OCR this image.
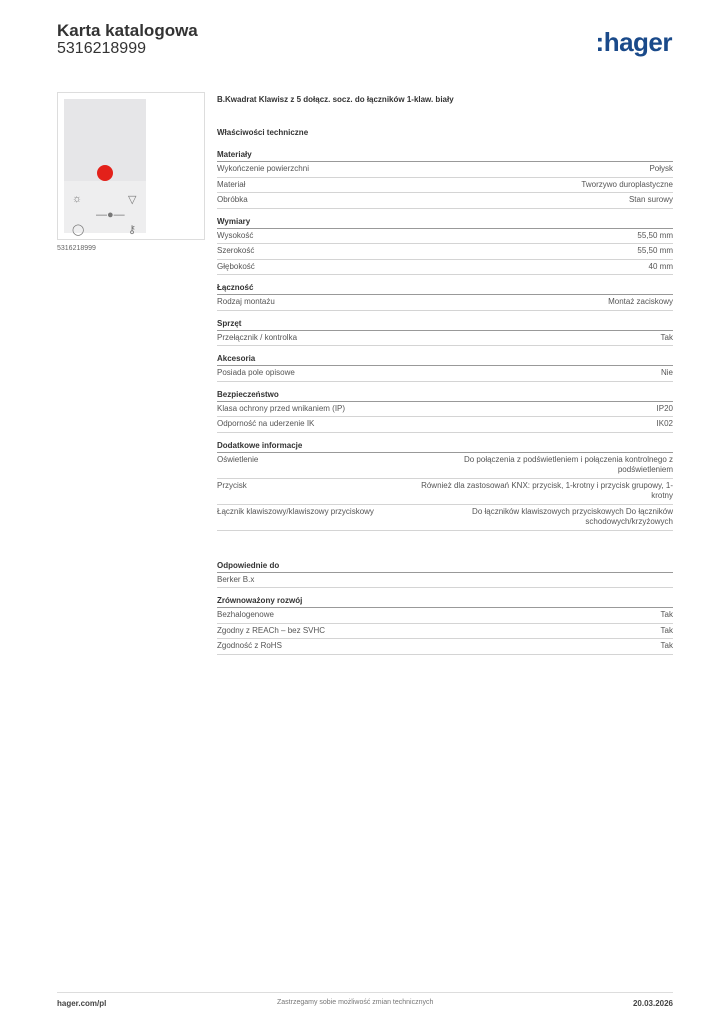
Karta katalogowa
5316218999	:hager
☼	▽
—●—
◯	⚷
5316218999
B.Kwadrat Klawisz z 5 dołącz. socz. do łączników 1-klaw. biały
Właściwości techniczne
Materiały
Wykończenie powierzchni	Połysk
Materiał	Tworzywo duroplastyczne
Obróbka	Stan surowy
Wymiary
Wysokość	55,50 mm
Szerokość	55,50 mm
Głębokość	40 mm
Łączność
Rodzaj montażu	Montaż zaciskowy
Sprzęt
Przełącznik / kontrolka	Tak
Akcesoria
Posiada pole opisowe	Nie
Bezpieczeństwo
Klasa ochrony przed wnikaniem (IP)	IP20
Odporność na uderzenie IK	IK02
Dodatkowe informacje
Oświetlenie	Do połączenia z podświetleniem i połączenia kontrolnego z podświetleniem
Przycisk	Również dla zastosowań KNX: przycisk, 1-krotny i przycisk grupowy, 1-krotny
Łącznik klawiszowy/klawiszowy przyciskowy	Do łączników klawiszowych przyciskowych Do łączników schodowych/krzyżowych
Odpowiednie do
Berker B.x
Zrównoważony rozwój
Bezhalogenowe	Tak
Zgodny z REACh – bez SVHC	Tak
Zgodność z RoHS	Tak
hager.com/pl	Zastrzegamy sobie możliwość zmian technicznych	20.03.2026
